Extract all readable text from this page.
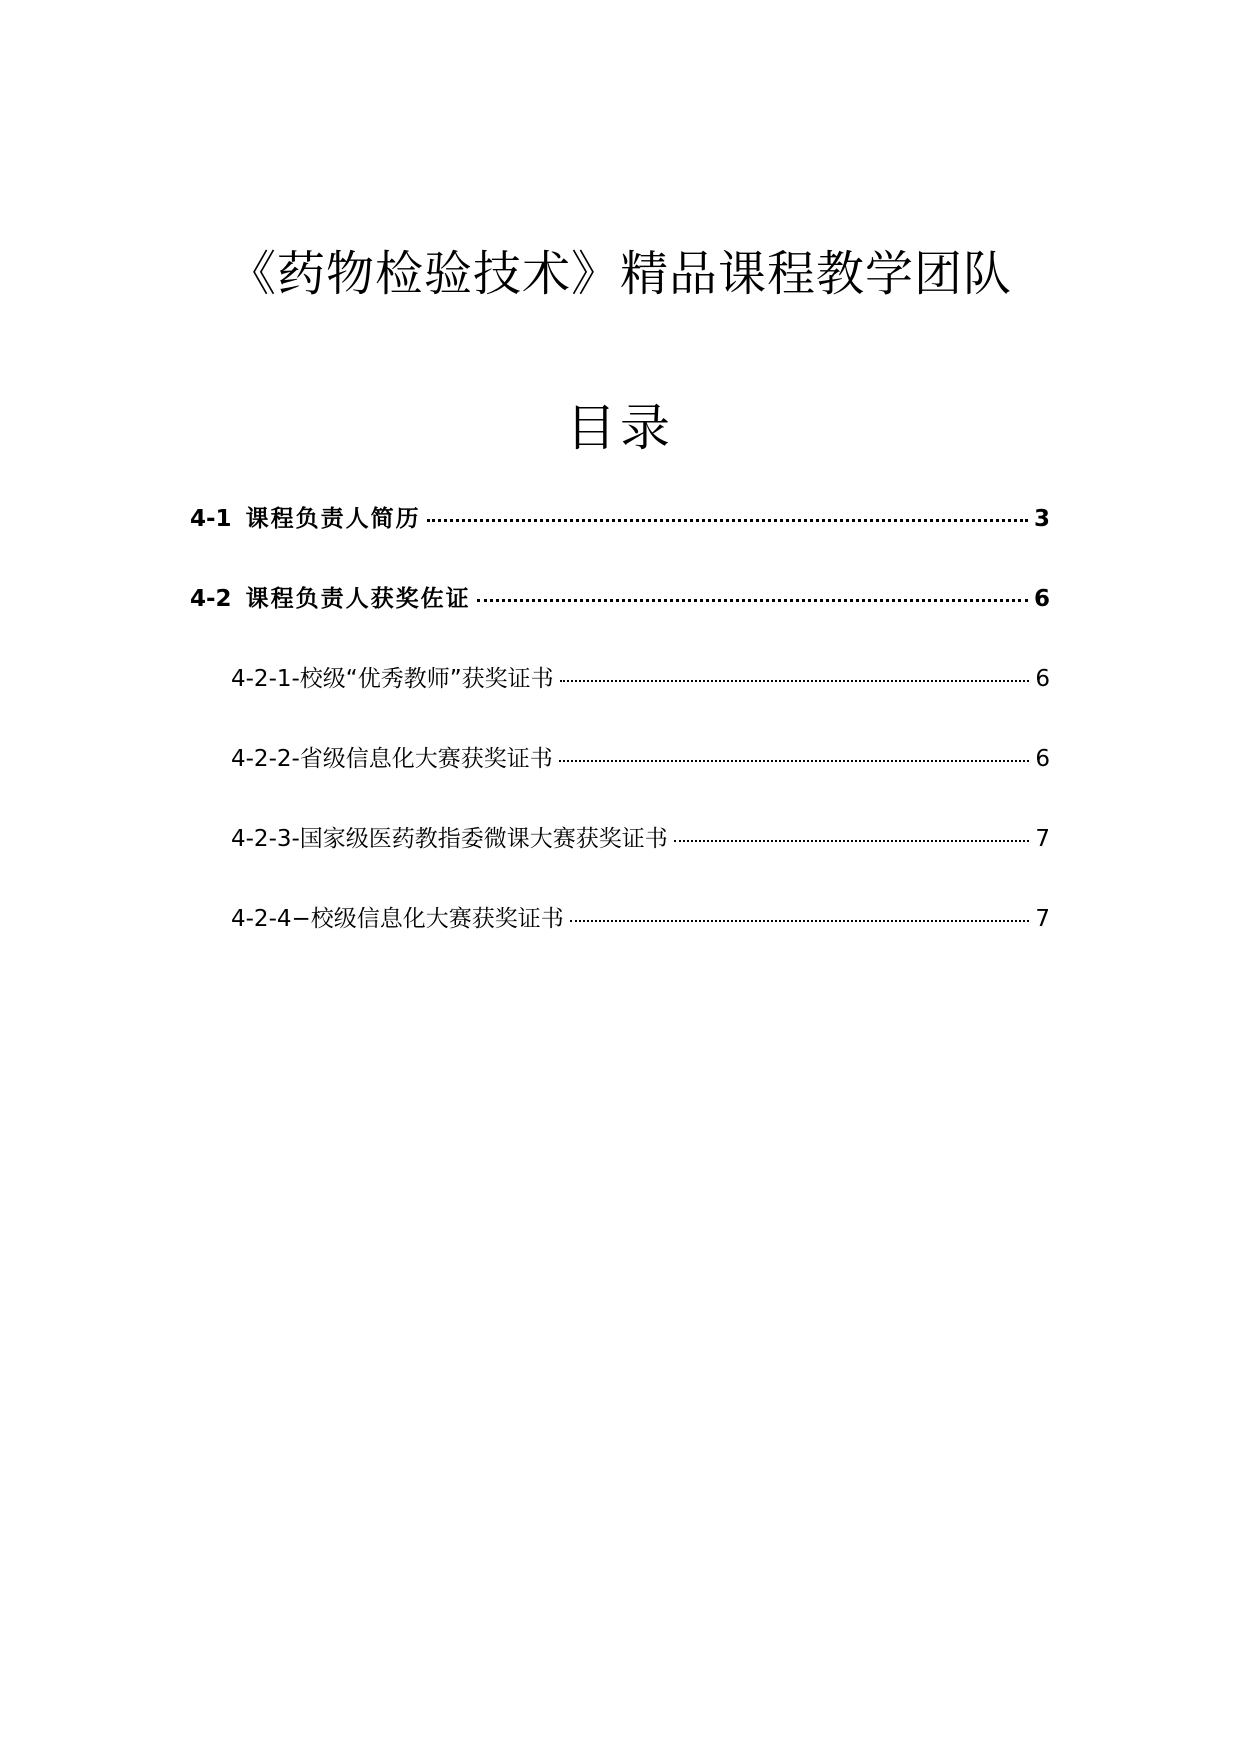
《药物检验技术》精品课程教学团队
目录
4-1 课程负责人简历	3
4-2 课程负责人获奖佐证	6
4-2-1-校级“优秀教师”获奖证书	6
4-2-2-省级信息化大赛获奖证书	6
4-2-3-国家级医药教指委微课大赛获奖证书	7
4-2-4−校级信息化大赛获奖证书	7
